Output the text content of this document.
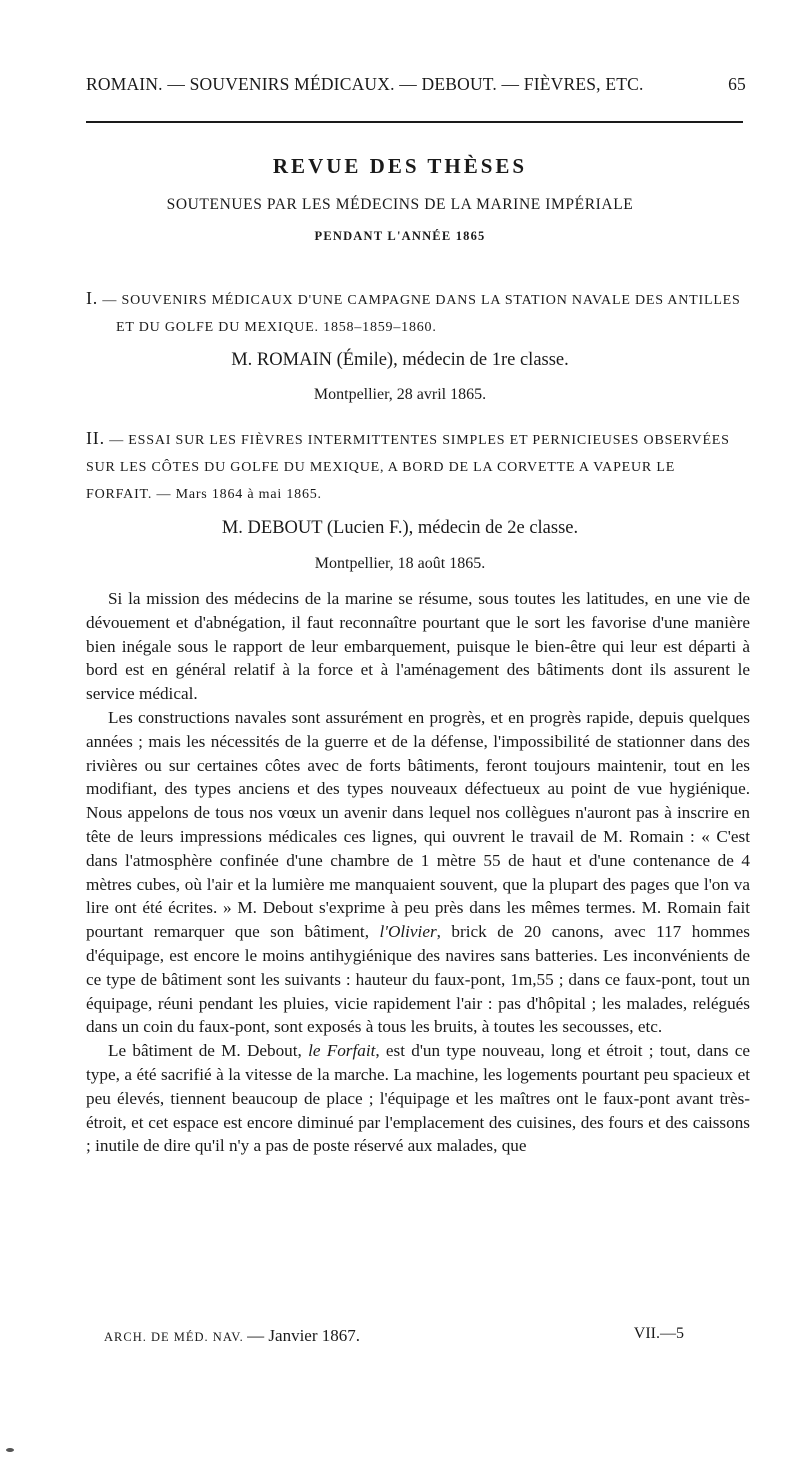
ROMAIN. — SOUVENIRS MÉDICAUX. — DEBOUT. — FIÈVRES, ETC.	65
REVUE DES THÈSES
SOUTENUES PAR LES MÉDECINS DE LA MARINE IMPÉRIALE
PENDANT L'ANNÉE 1865
I. — SOUVENIRS MÉDICAUX D'UNE CAMPAGNE DANS LA STATION NAVALE DES ANTILLES
ET DU GOLFE DU MEXIQUE. 1858–1859–1860.
M. ROMAIN (Émile), médecin de 1re classe.
Montpellier, 28 avril 1865.
II. — ESSAI SUR LES FIÈVRES INTERMITTENTES SIMPLES ET PERNICIEUSES OBSERVÉES
SUR LES CÔTES DU GOLFE DU MEXIQUE, A BORD DE LA CORVETTE A VAPEUR LE
FORFAIT. — Mars 1864 à mai 1865.
M. DEBOUT (Lucien F.), médecin de 2e classe.
Montpellier, 18 août 1865.

Si la mission des médecins de la marine se résume, sous toutes les latitudes, en une vie de dévouement et d'abnégation, il faut reconnaître pourtant que le sort les favorise d'une manière bien inégale sous le rapport de leur embarquement, puisque le bien-être qui leur est départi à bord est en général relatif à la force et à l'aménagement des bâtiments dont ils assurent le service médical.

Les constructions navales sont assurément en progrès, et en progrès rapide, depuis quelques années ; mais les nécessités de la guerre et de la défense, l'impossibilité de stationner dans des rivières ou sur certaines côtes avec de forts bâtiments, feront toujours maintenir, tout en les modifiant, des types anciens et des types nouveaux défectueux au point de vue hygiénique. Nous appelons de tous nos vœux un avenir dans lequel nos collègues n'auront pas à inscrire en tête de leurs impressions médicales ces lignes, qui ouvrent le travail de M. Romain : « C'est dans l'atmosphère confinée d'une chambre de 1 mètre 55 de haut et d'une contenance de 4 mètres cubes, où l'air et la lumière me manquaient souvent, que la plupart des pages que l'on va lire ont été écrites. » M. Debout s'exprime à peu près dans les mêmes termes. M. Romain fait pourtant remarquer que son bâtiment, l'Olivier, brick de 20 canons, avec 117 hommes d'équipage, est encore le moins antihygiénique des navires sans batteries. Les inconvénients de ce type de bâtiment sont les suivants : hauteur du faux-pont, 1m,55 ; dans ce faux-pont, tout un équipage, réuni pendant les pluies, vicie rapidement l'air : pas d'hôpital ; les malades, relégués dans un coin du faux-pont, sont exposés à tous les bruits, à toutes les secousses, etc.

Le bâtiment de M. Debout, le Forfait, est d'un type nouveau, long et étroit ; tout, dans ce type, a été sacrifié à la vitesse de la marche. La machine, les logements pourtant peu spacieux et peu élevés, tiennent beaucoup de place ; l'équipage et les maîtres ont le faux-pont avant très-étroit, et cet espace est encore diminué par l'emplacement des cuisines, des fours et des caissons ; inutile de dire qu'il n'y a pas de poste réservé aux malades, que

ARCH. DE MÉD. NAV. — Janvier 1867.	VII.—5
